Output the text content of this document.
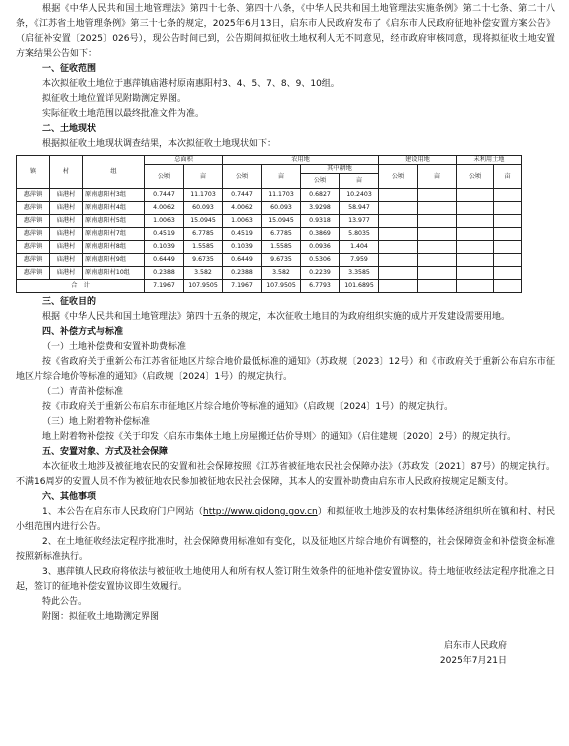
根据《中华人民共和国土地管理法》第四十七条、第四十八条，《中华人民共和国土地管理法实施条例》第二十七条、第二十八条，《江苏省土地管理条例》第三十七条的规定，2025年6月13日，启东市人民政府发布了《启东市人民政府征地补偿安置方案公告》（启征补安置〔2025〕026号），现公告时间已到，公告期间拟征收土地权利人无不同意见，经市政府审核同意，现将拟征收土地安置方案结果公告如下：

一、征收范围

本次拟征收土地位于惠萍镇庙港村原南惠阳村3、4、5、7、8、9、10组。

拟征收土地位置详见附勘测定界图。

实际征收土地范围以最终批准文件为准。

二、土地现状

根据拟征收土地现状调查结果，本次拟征收土地现状如下：

镇	村	组	总面积		农用地				建设用地		未利用土地	
			公顷	亩	公顷	亩	其中耕地		公顷	亩	公顷	亩
							公顷	亩				
惠萍镇	庙港村	原南惠阳村3组	0.7447	11.1703	0.7447	11.1703	0.6827	10.2403				
惠萍镇	庙港村	原南惠阳村4组	4.0062	60.093	4.0062	60.093	3.9298	58.947				
惠萍镇	庙港村	原南惠阳村5组	1.0063	15.0945	1.0063	15.0945	0.9318	13.977				
惠萍镇	庙港村	原南惠阳村7组	0.4519	6.7785	0.4519	6.7785	0.3869	5.8035				
惠萍镇	庙港村	原南惠阳村8组	0.1039	1.5585	0.1039	1.5585	0.0936	1.404				
惠萍镇	庙港村	原南惠阳村9组	0.6449	9.6735	0.6449	9.6735	0.5306	7.959				
惠萍镇	庙港村	原南惠阳村10组	0.2388	3.582	0.2388	3.582	0.2239	3.3585				
合　计			7.1967	107.9505	7.1967	107.9505	6.7793	101.6895				

三、征收目的

根据《中华人民共和国土地管理法》第四十五条的规定，本次征收土地目的为政府组织实施的成片开发建设需要用地。

四、补偿方式与标准

（一）土地补偿费和安置补助费标准

按《省政府关于重新公布江苏省征地区片综合地价最低标准的通知》（苏政规〔2023〕12号）和《市政府关于重新公布启东市征地区片综合地价等标准的通知》（启政规〔2024〕1号）的规定执行。

（二）青苗补偿标准

按《市政府关于重新公布启东市征地区片综合地价等标准的通知》（启政规〔2024〕1号）的规定执行。

（三）地上附着物补偿标准

地上附着物补偿按《关于印发〈启东市集体土地上房屋搬迁估价导则〉的通知》（启住建规〔2020〕2号）的规定执行。

五、安置对象、方式及社会保障

本次征收土地涉及被征地农民的安置和社会保障按照《江苏省被征地农民社会保障办法》（苏政发〔2021〕87号）的规定执行。不满16周岁的安置人员不作为被征地农民参加被征地农民社会保障，其本人的安置补助费由启东市人民政府按规定足额支付。

六、其他事项

1、本公告在启东市人民政府门户网站（http://www.qidong.gov.cn）和拟征收土地涉及的农村集体经济组织所在镇和村、村民小组范围内进行公告。

2、在土地征收经法定程序批准时，社会保障费用标准如有变化，以及征地区片综合地价有调整的，社会保障资金和补偿资金标准按照新标准执行。

3、惠萍镇人民政府将依法与被征收土地使用人和所有权人签订附生效条件的征地补偿安置协议。待土地征收经法定程序批准之日起，签订的征地补偿安置协议即生效履行。

特此公告。

附图：拟征收土地勘测定界图

启东市人民政府

2025年7月21日
